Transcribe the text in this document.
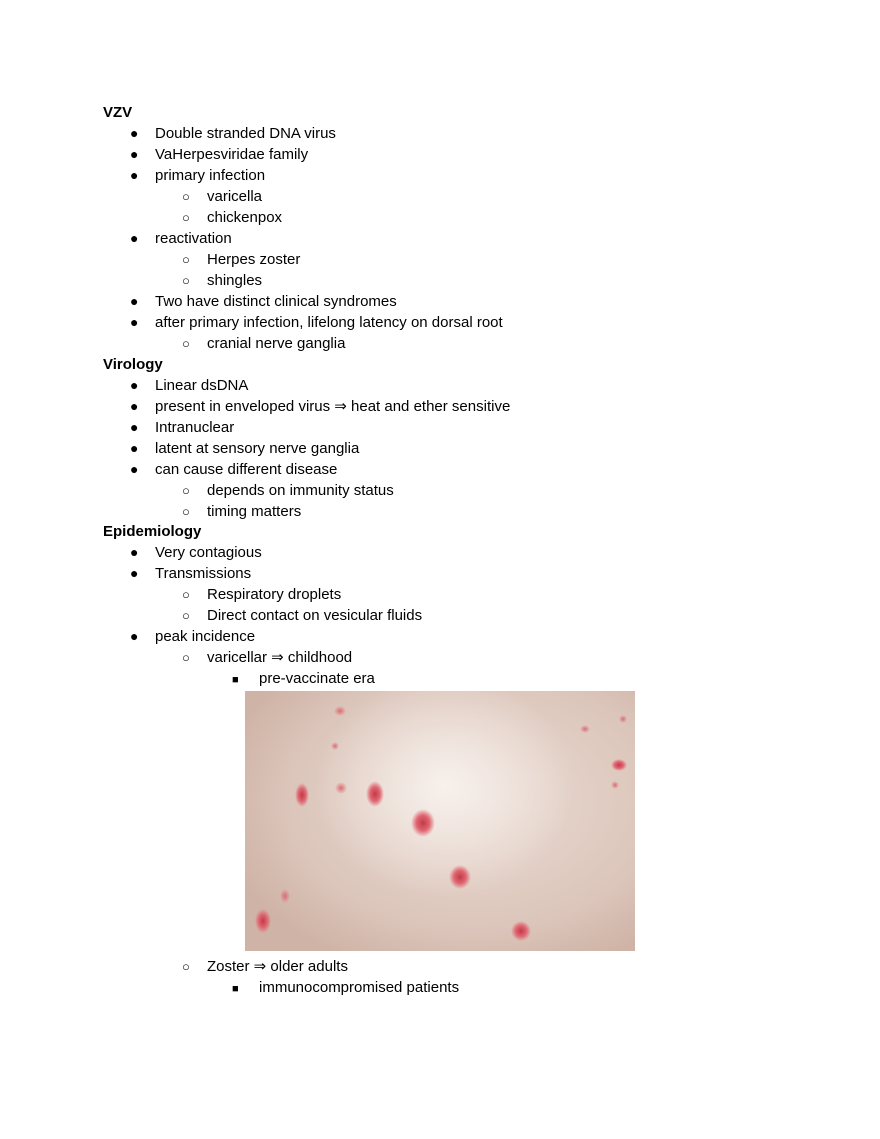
VZV
● Double stranded DNA virus
● VaHerpesviridae family
● primary infection
○ varicella
○ chickenpox
● reactivation
○ Herpes zoster
○ shingles
● Two have distinct clinical syndromes
● after primary infection, lifelong latency on dorsal root
○ cranial nerve ganglia
Virology
● Linear dsDNA
● present in enveloped virus ⇒ heat and ether sensitive
● Intranuclear
● latent at sensory nerve ganglia
● can cause different disease
○ depends on immunity status
○ timing matters
Epidemiology
● Very contagious
● Transmissions
○ Respiratory droplets
○ Direct contact on vesicular fluids
● peak incidence
○ varicellar ⇒ childhood
■ pre-vaccinate era
○ Zoster ⇒ older adults
■ immunocompromised patients
